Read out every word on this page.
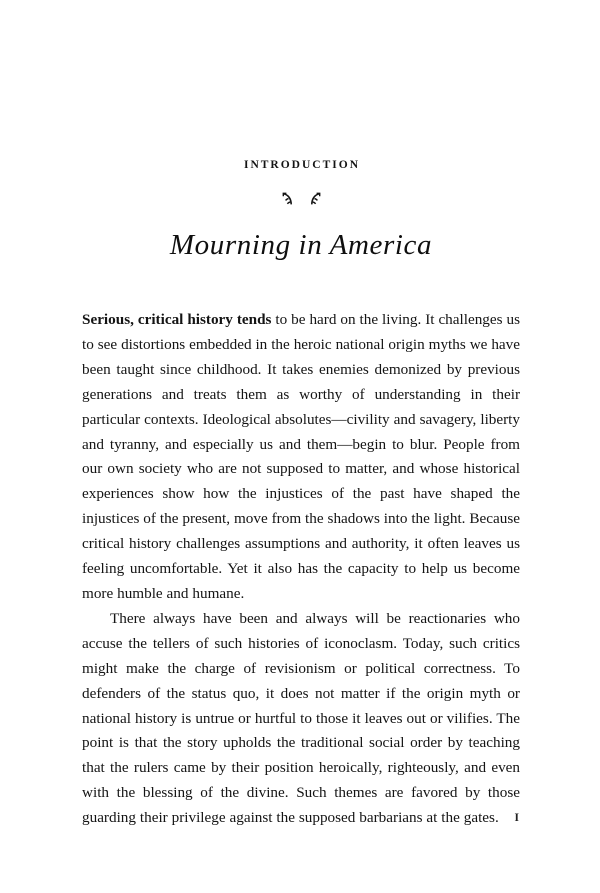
INTRODUCTION
Mourning in America

Serious, critical history tends to be hard on the living. It challenges us to see distortions embedded in the heroic national origin myths we have been taught since childhood. It takes enemies demonized by previous generations and treats them as worthy of understanding in their particular contexts. Ideological absolutes—civility and savagery, liberty and tyranny, and especially us and them—begin to blur. People from our own society who are not supposed to matter, and whose historical experiences show how the injustices of the past have shaped the injustices of the present, move from the shadows into the light. Because critical history challenges assumptions and authority, it often leaves us feeling uncomfortable. Yet it also has the capacity to help us become more humble and humane.

There always have been and always will be reactionaries who accuse the tellers of such histories of iconoclasm. Today, such critics might make the charge of revisionism or political correctness. To defenders of the status quo, it does not matter if the origin myth or national history is untrue or hurtful to those it leaves out or vilifies. The point is that the story upholds the traditional social order by teaching that the rulers came by their position heroically, righteously, and even with the blessing of the divine. Such themes are favored by those guarding their privilege against the supposed barbarians at the gates.	I
